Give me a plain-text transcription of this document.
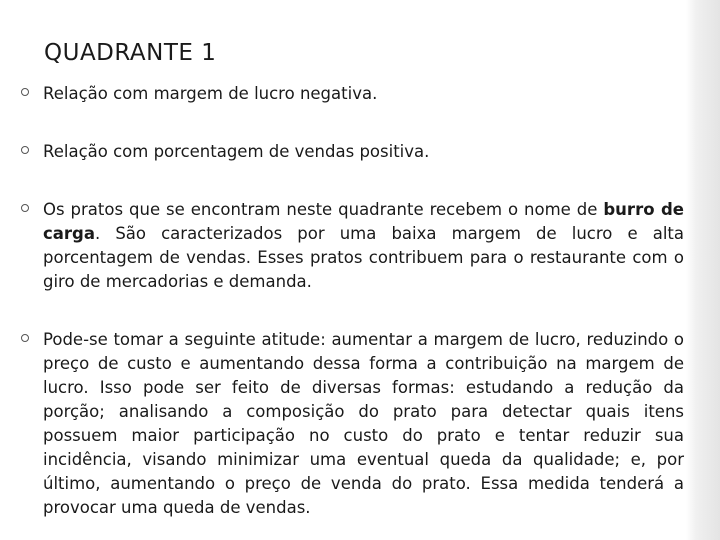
QUADRANTE 1
Relação com margem de lucro negativa.
Relação com porcentagem de vendas positiva.
Os pratos que se encontram neste quadrante recebem o nome de burro de carga. São caracterizados por uma baixa margem de lucro e alta porcentagem de vendas. Esses pratos contribuem para o restaurante com o giro de mercadorias e demanda.
Pode-se tomar a seguinte atitude: aumentar a margem de lucro, reduzindo o preço de custo e aumentando dessa forma a contribuição na margem de lucro. Isso pode ser feito de diversas formas: estudando a redução da porção; analisando a composição do prato para detectar quais itens possuem maior participação no custo do prato e tentar reduzir sua incidência, visando minimizar uma eventual queda da qualidade; e, por último, aumentando o preço de venda do prato. Essa medida tenderá a provocar uma queda de vendas.
